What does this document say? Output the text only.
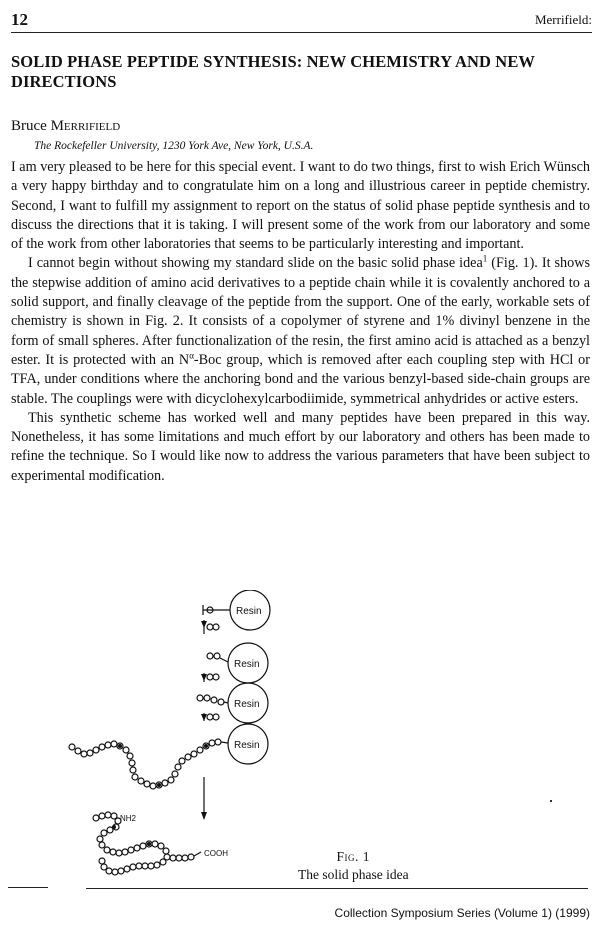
12	Merrifield:
SOLID PHASE PEPTIDE SYNTHESIS: NEW CHEMISTRY AND NEW DIRECTIONS
Bruce Merrifield
The Rockefeller University, 1230 York Ave, New York, U.S.A.

I am very pleased to be here for this special event. I want to do two things, first to wish Erich Wünsch a very happy birthday and to congratulate him on a long and illustrious career in peptide chemistry. Second, I want to fulfill my assignment to report on the status of solid phase peptide synthesis and to discuss the directions that it is taking. I will present some of the work from our laboratory and some of the work from other laboratories that seems to be particularly interesting and important.

I cannot begin without showing my standard slide on the basic solid phase idea$^1$ (Fig. 1). It shows the stepwise addition of amino acid derivatives to a peptide chain while it is covalently anchored to a solid support, and finally cleavage of the peptide from the support. One of the early, workable sets of chemistry is shown in Fig. 2. It consists of a copolymer of styrene and 1% divinyl benzene in the form of small spheres. After functionalization of the resin, the first amino acid is attached as a benzyl ester. It is protected with an $N^\alpha$-Boc group, which is removed after each coupling step with HCl or TFA, under conditions where the anchoring bond and the various benzyl-based side-chain groups are stable. The couplings were with dicyclohexylcarbodiimide, symmetrical anhydrides or active esters.

This synthetic scheme has worked well and many peptides have been prepared in this way. Nonetheless, it has some limitations and much effort by our laboratory and others has been made to refine the technique. So I would like now to address the various parameters that have been subject to experimental modification.

Resin
Resin
Resin
Resin
NH2
COOH	Fig. 1
The solid phase idea
Collection Symposium Series (Volume 1) (1999)
